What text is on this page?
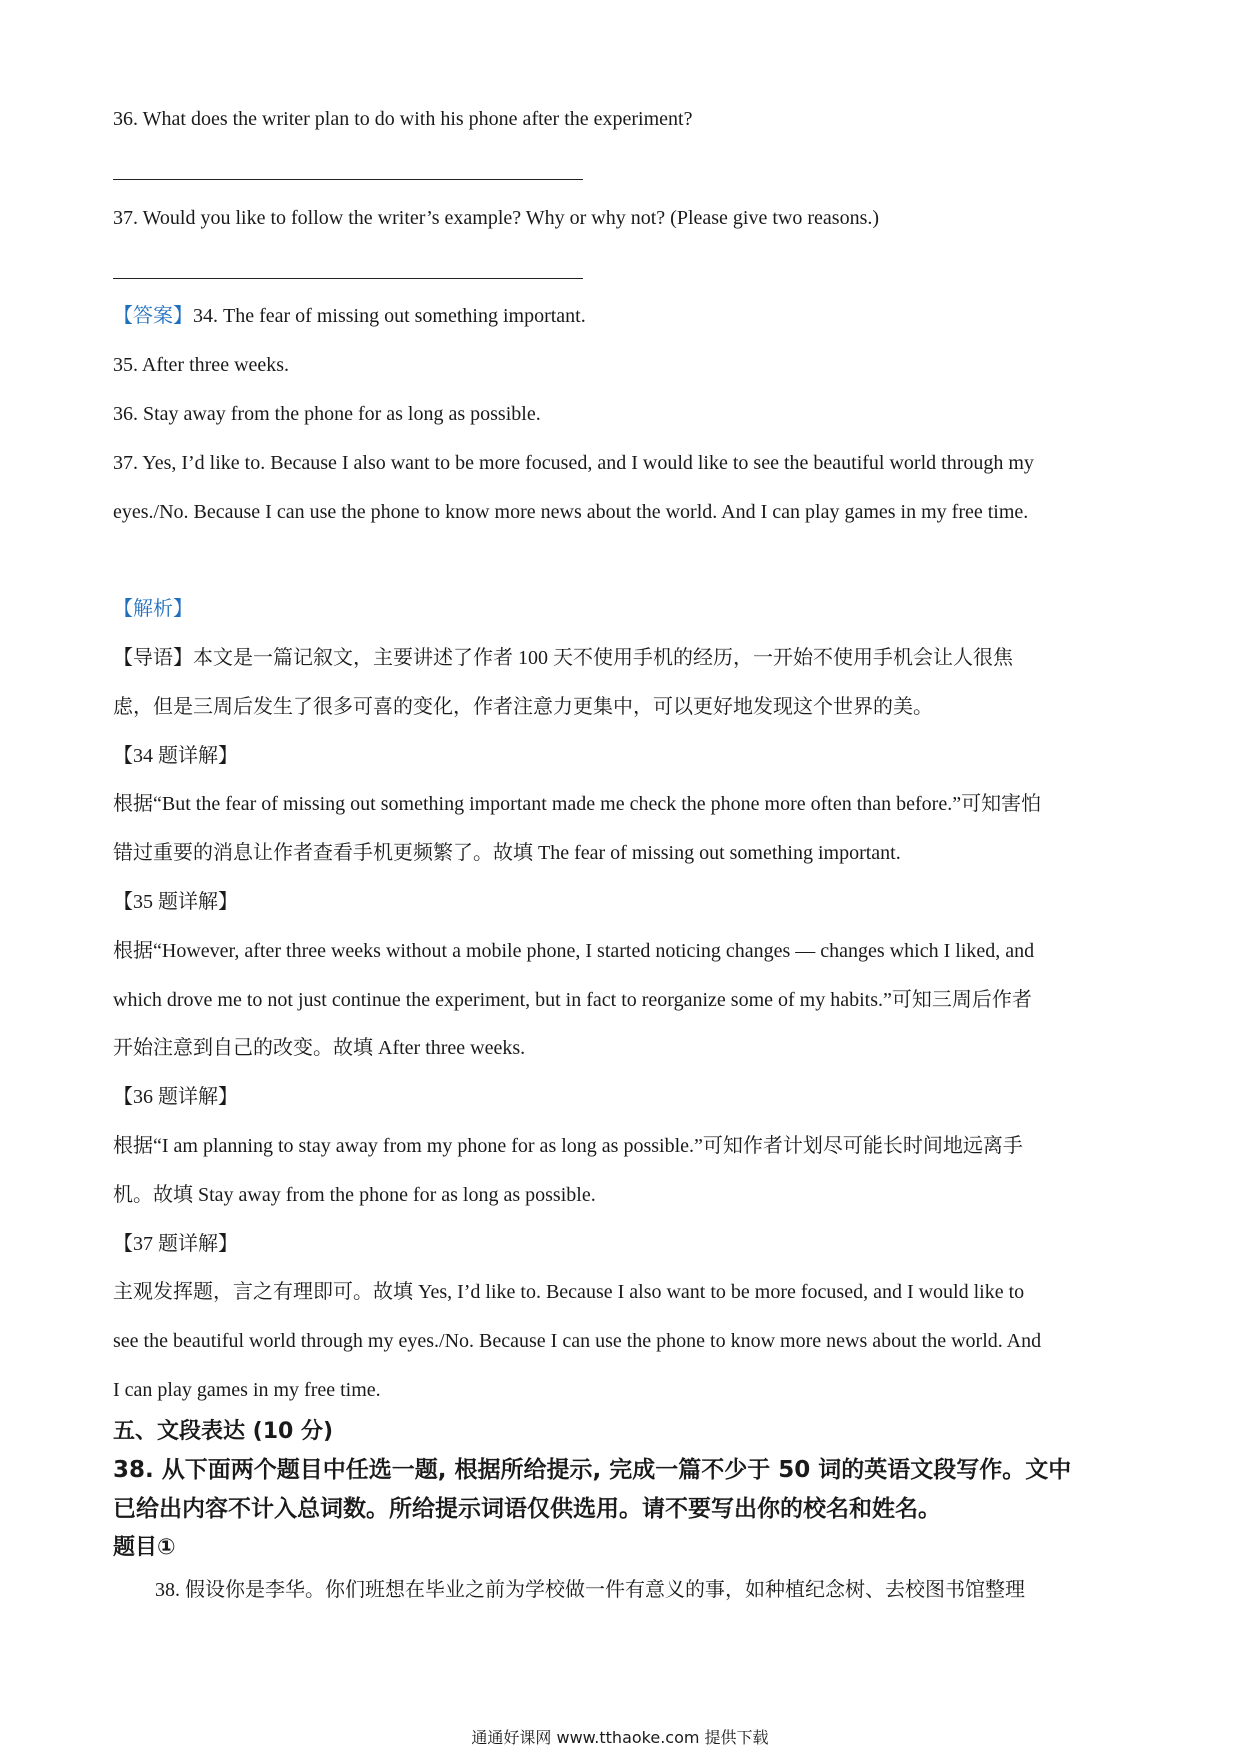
36. What does the writer plan to do with his phone after the experiment?
37. Would you like to follow the writer’s example? Why or why not? (Please give two reasons.)
【答案】34. The fear of missing out something important.
35. After three weeks.
36. Stay away from the phone for as long as possible.
37. Yes, I’d like to. Because I also want to be more focused, and I would like to see the beautiful world through my
eyes./No. Because I can use the phone to know more news about the world. And I can play games in my free time.
【解析】
【导语】本文是一篇记叙文，主要讲述了作者 100 天不使用手机的经历，一开始不使用手机会让人很焦
虑，但是三周后发生了很多可喜的变化，作者注意力更集中，可以更好地发现这个世界的美。
【34 题详解】
根据“But the fear of missing out something important made me check the phone more often than before.”可知害怕
错过重要的消息让作者查看手机更频繁了。故填 The fear of missing out something important.
【35 题详解】
根据“However, after three weeks without a mobile phone, I started noticing changes — changes which I liked, and
which drove me to not just continue the experiment, but in fact to reorganize some of my habits.”可知三周后作者
开始注意到自己的改变。故填 After three weeks.
【36 题详解】
根据“I am planning to stay away from my phone for as long as possible.”可知作者计划尽可能长时间地远离手
机。故填 Stay away from the phone for as long as possible.
【37 题详解】
主观发挥题，言之有理即可。故填 Yes, I’d like to. Because I also want to be more focused, and I would like to
see the beautiful world through my eyes./No. Because I can use the phone to know more news about the world. And
I can play games in my free time.
五、文段表达 (10 分)
38. 从下面两个题目中任选一题, 根据所给提示, 完成一篇不少于 50 词的英语文段写作。文中
已给出内容不计入总词数。所给提示词语仅供选用。请不要写出你的校名和姓名。
题目①
38. 假设你是李华。你们班想在毕业之前为学校做一件有意义的事，如种植纪念树、去校图书馆整理
通通好课网 www.tthaoke.com 提供下载
